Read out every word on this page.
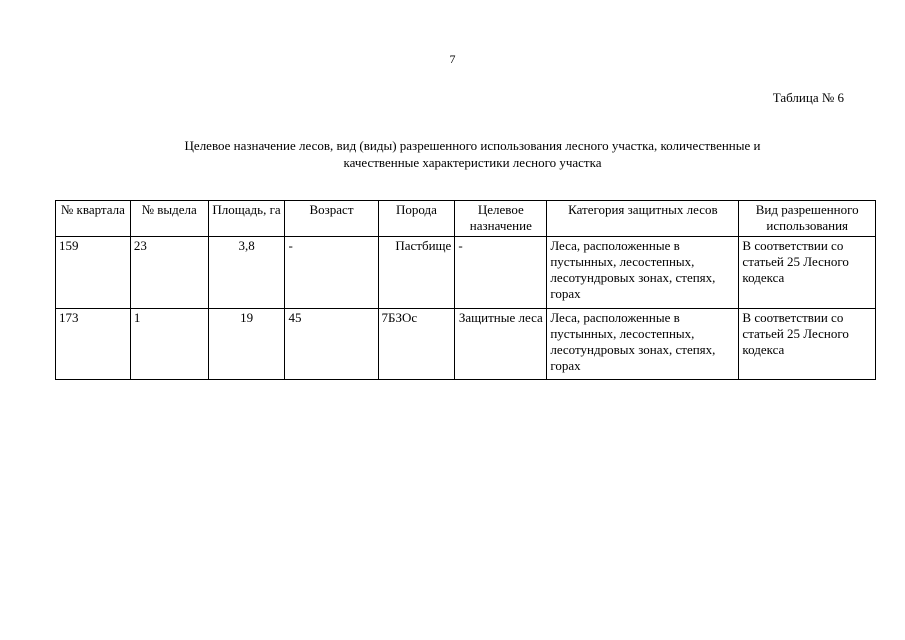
7
Таблица № 6
Целевое назначение лесов, вид (виды) разрешенного использования лесного участка, количественные и
качественные характеристики лесного участка
№ квартала	№ выдела	Площадь, га	Возраст	Порода	Целевое назначение	Категория защитных лесов	Вид разрешенного использования
159	23	3,8	-	Пастбище	-	Леса, расположенные в пустынных, лесостепных, лесотундровых зонах, степях, горах	В соответствии со статьей 25 Лесного кодекса
173	1	19	45	7БЗОс	Защитные леса	Леса, расположенные в пустынных, лесостепных, лесотундровых зонах, степях, горах	В соответствии со статьей 25 Лесного кодекса
